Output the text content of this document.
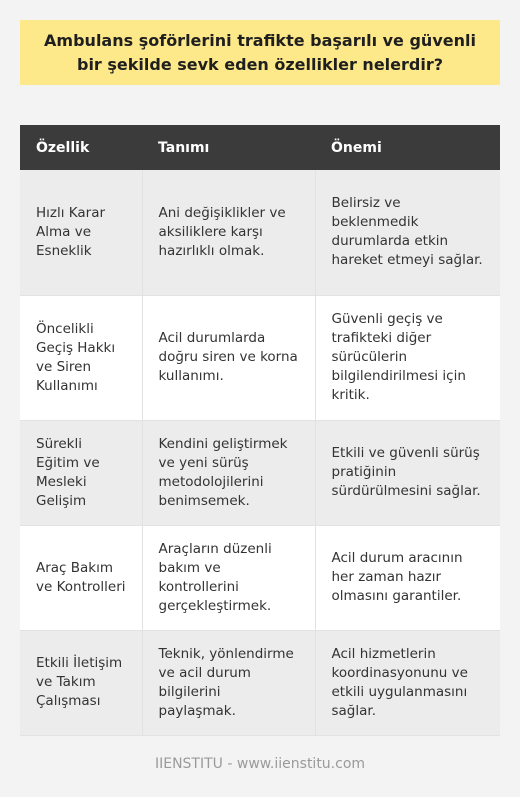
Ambulans şoförlerini trafikte başarılı ve güvenli bir şekilde sevk eden özellikler nelerdir?
Özellik	Tanımı	Önemi
Hızlı Karar Alma ve Esneklik	Ani değişiklikler ve aksiliklere karşı hazırlıklı olmak.	Belirsiz ve beklenmedik durumlarda etkin hareket etmeyi sağlar.
Öncelikli Geçiş Hakkı ve Siren Kullanımı	Acil durumlarda doğru siren ve korna kullanımı.	Güvenli geçiş ve trafikteki diğer sürücülerin bilgilendirilmesi için kritik.
Sürekli Eğitim ve Mesleki Gelişim	Kendini geliştirmek ve yeni sürüş metodolojilerini benimsemek.	Etkili ve güvenli sürüş pratiğinin sürdürülmesini sağlar.
Araç Bakım ve Kontrolleri	Araçların düzenli bakım ve kontrollerini gerçekleştirmek.	Acil durum aracının her zaman hazır olmasını garantiler.
Etkili İletişim ve Takım Çalışması	Teknik, yönlendirme ve acil durum bilgilerini paylaşmak.	Acil hizmetlerin koordinasyonunu ve etkili uygulanmasını sağlar.
IIENSTITU - www.iienstitu.com
